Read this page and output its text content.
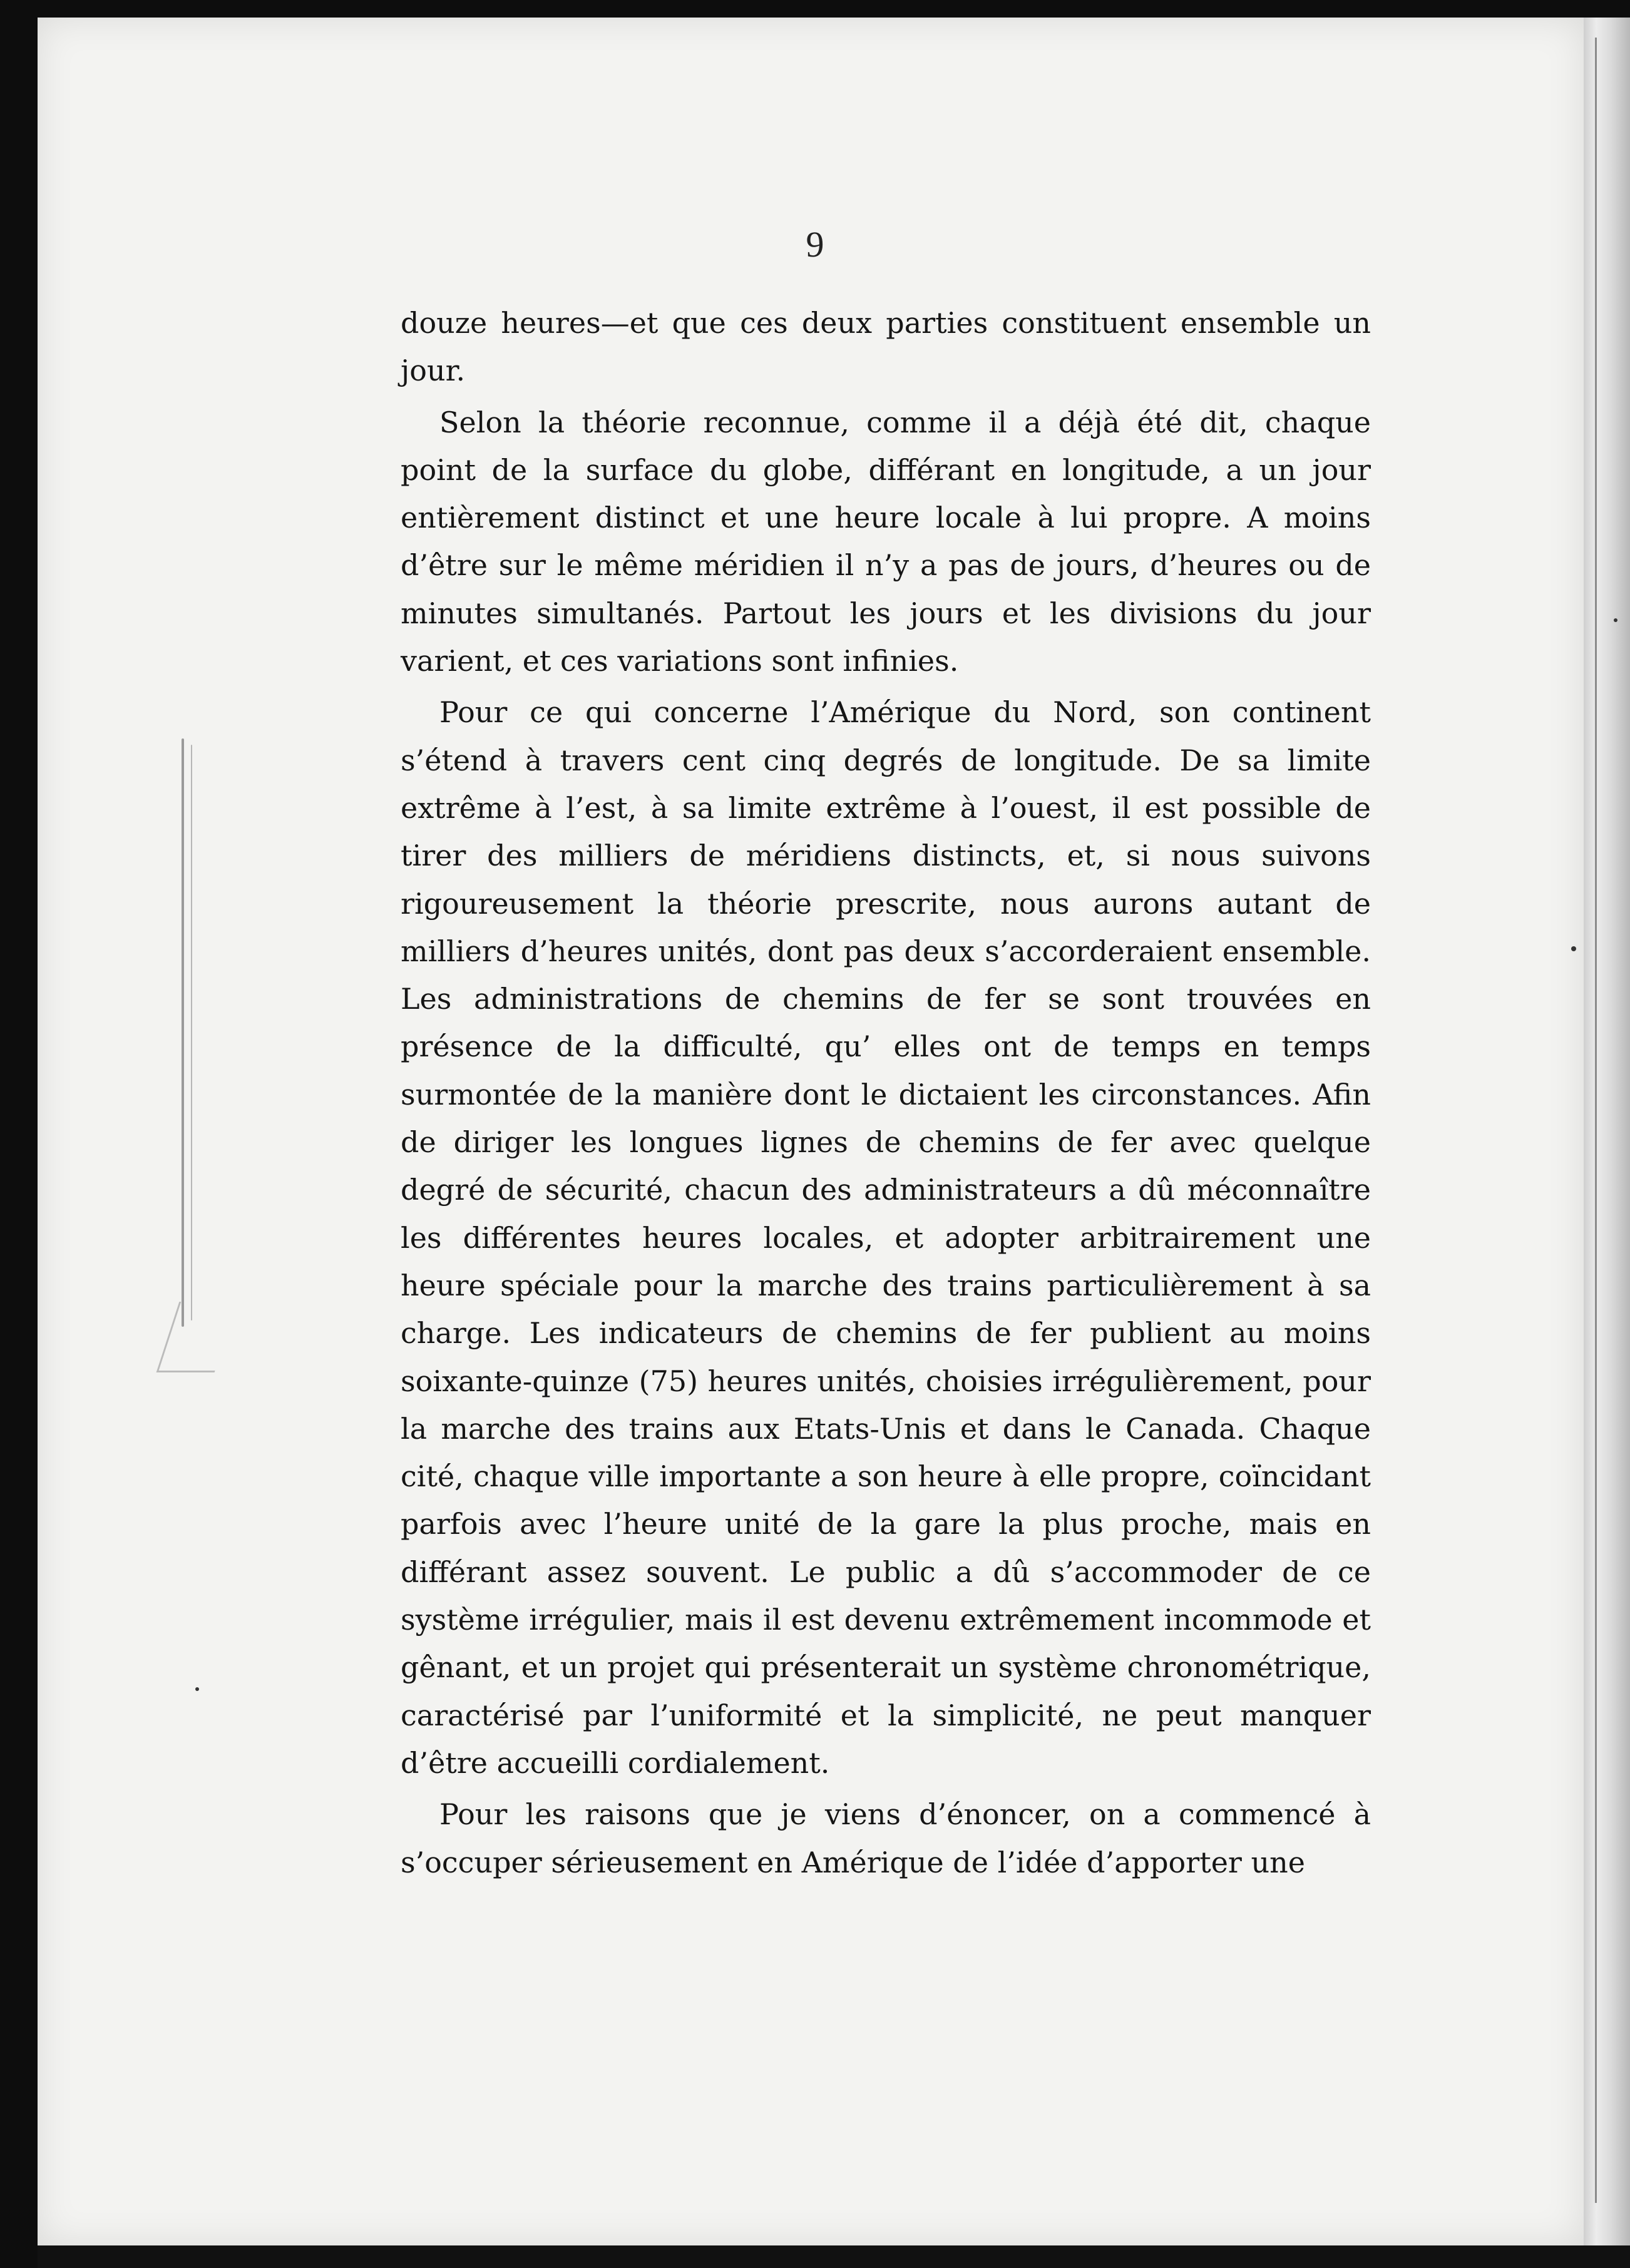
9

douze heures—et que ces deux parties constituent ensemble un jour.

Selon la théorie reconnue, comme il a déjà été dit, chaque point de la surface du globe, différant en longitude, a un jour entièrement distinct et une heure locale à lui propre. A moins d’être sur le même méridien il n’y a pas de jours, d’heures ou de minutes simultanés. Partout les jours et les divisions du jour varient, et ces variations sont infinies.

Pour ce qui concerne l’Amérique du Nord, son continent s’étend à travers cent cinq degrés de longitude. De sa limite extrême à l’est, à sa limite extrême à l’ouest, il est possible de tirer des milliers de méridiens distincts, et, si nous suivons rigoureusement la théorie prescrite, nous aurons autant de milliers d’heures unités, dont pas deux s’accorderaient ensemble. Les administrations de chemins de fer se sont trouvées en présence de la difficulté, qu’ elles ont de temps en temps surmontée de la manière dont le dictaient les circonstances. Afin de diriger les longues lignes de chemins de fer avec quelque degré de sécurité, chacun des administrateurs a dû méconnaître les différentes heures locales, et adopter arbitrairement une heure spéciale pour la marche des trains particulièrement à sa charge. Les indicateurs de chemins de fer publient au moins soixante-quinze (75) heures unités, choisies irrégulièrement, pour la marche des trains aux Etats-Unis et dans le Canada. Chaque cité, chaque ville importante a son heure à elle propre, coïncidant parfois avec l’heure unité de la gare la plus proche, mais en différant assez souvent. Le public a dû s’accommoder de ce système irrégulier, mais il est devenu extrêmement incommode et gênant, et un projet qui présenterait un système chronométrique, caractérisé par l’uniformité et la simplicité, ne peut manquer d’être accueilli cordialement.

Pour les raisons que je viens d’énoncer, on a commencé à s’occuper sérieusement en Amérique de l’idée d’apporter une
